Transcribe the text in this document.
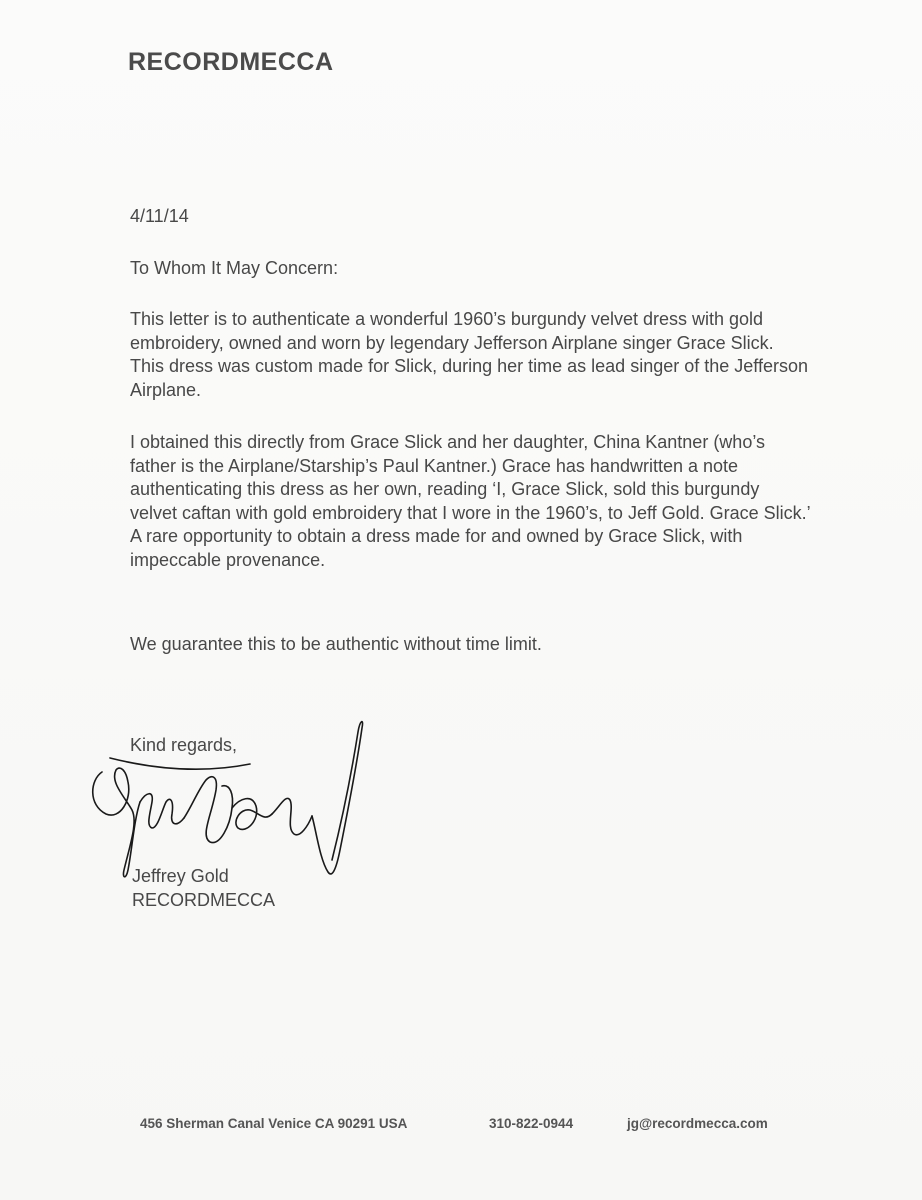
RECORDMECCA
4/11/14
To Whom It May Concern:

This letter is to authenticate a wonderful 1960’s burgundy velvet dress with gold embroidery, owned and worn by legendary Jefferson Airplane singer Grace Slick. This dress was custom made for Slick, during her time as lead singer of the Jefferson Airplane.

I obtained this directly from Grace Slick and her daughter, China Kantner (who’s father is the Airplane/Starship’s Paul Kantner.) Grace has handwritten a note authenticating this dress as her own, reading ‘I, Grace Slick, sold this burgundy velvet caftan with gold embroidery that I wore in the 1960’s, to Jeff Gold. Grace Slick.’ A rare opportunity to obtain a dress made for and owned by Grace Slick, with impeccable provenance.

We guarantee this to be authentic without time limit.

Kind regards,
Jeffrey Gold
RECORDMECCA
456 Sherman Canal Venice CA 90291 USA	310-822-0944	jg@recordmecca.com
